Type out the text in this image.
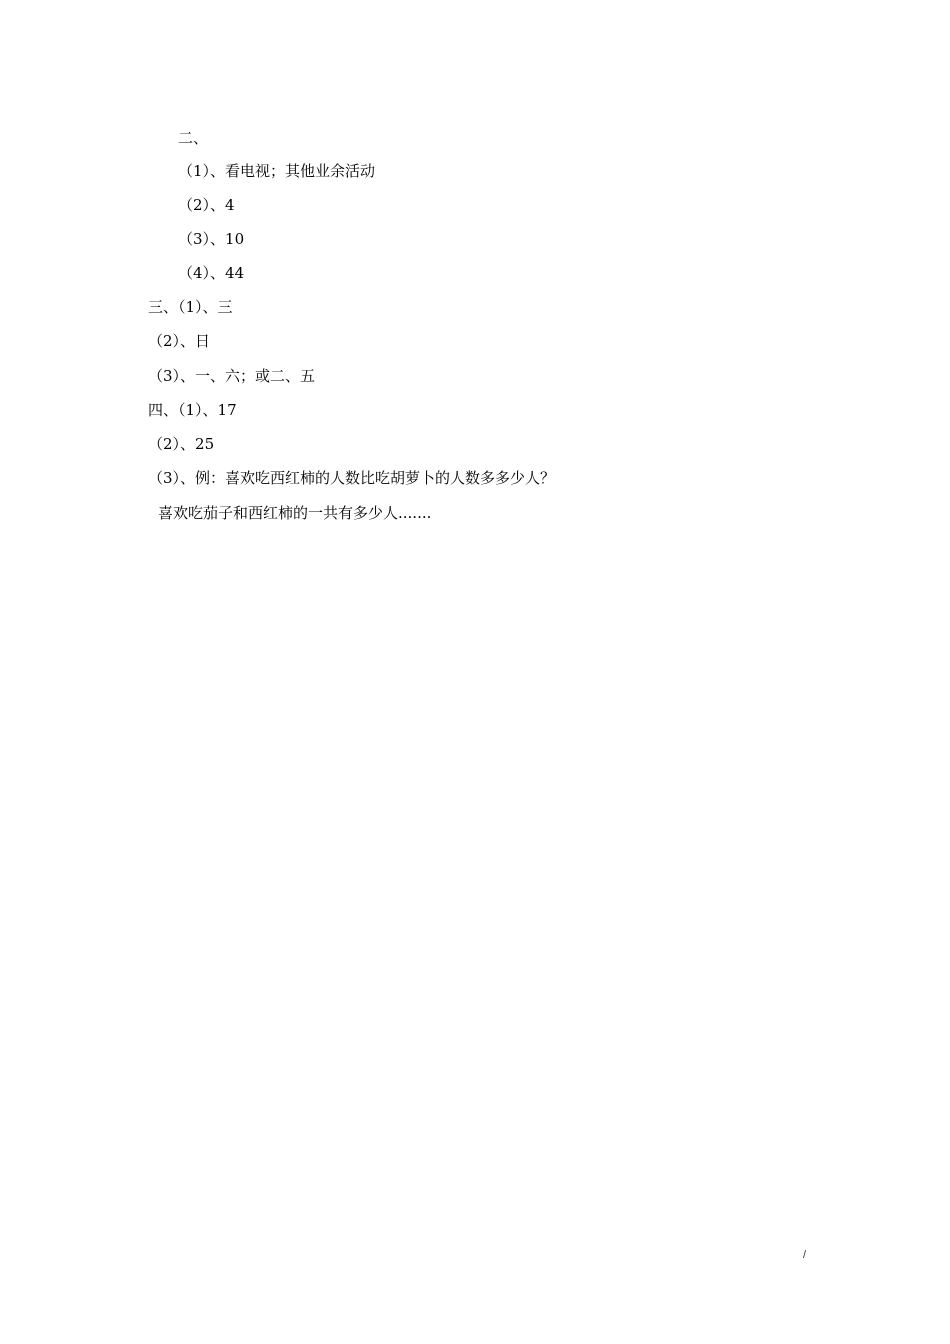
二、
（1）、看电视；其他业余活动
（2）、4
（3）、10
（4）、44
三、（1）、三
（2）、日
（3）、一、六；或二、五
四、（1）、17
（2）、25
（3）、例：喜欢吃西红柿的人数比吃胡萝卜的人数多多少人？
喜欢吃茄子和西红柿的一共有多少人.......
/
